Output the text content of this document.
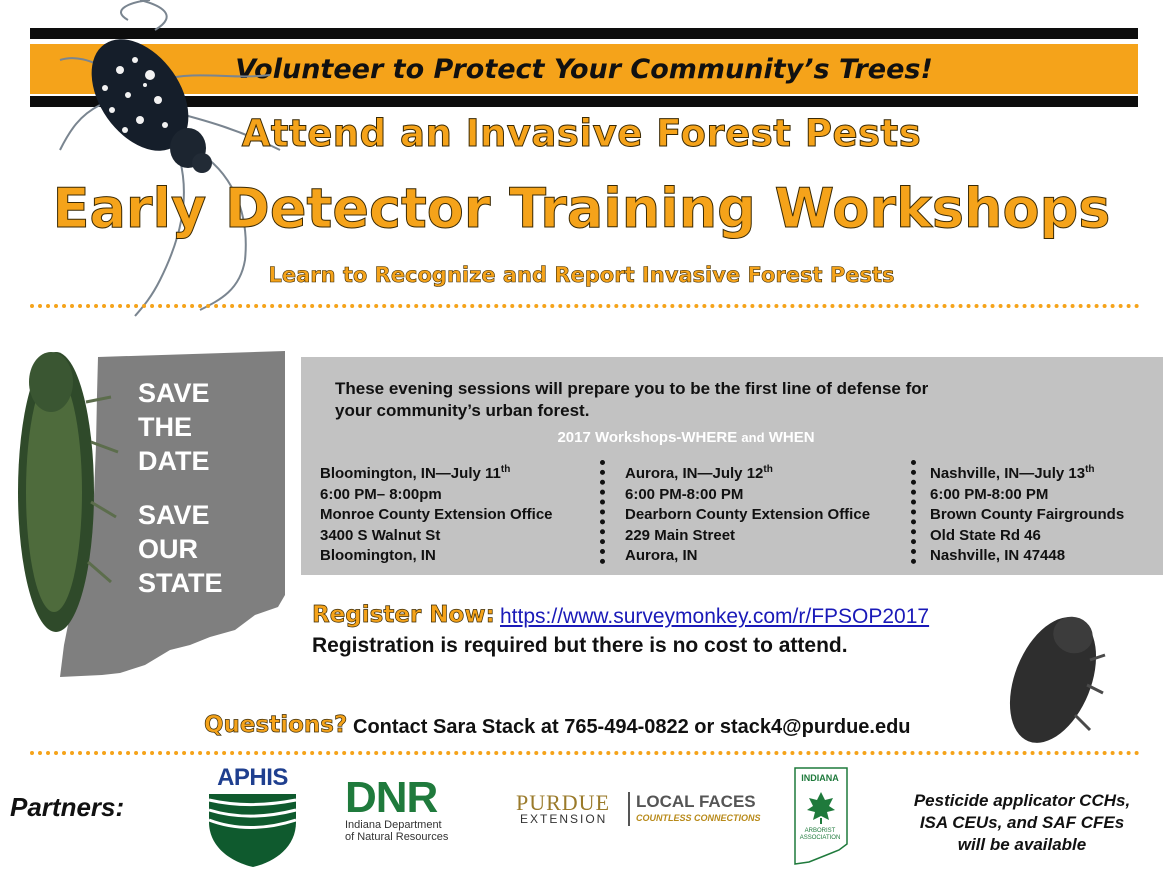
Volunteer to Protect Your Community’s Trees!
Attend an Invasive Forest Pests
Early Detector Training Workshops
Learn to Recognize and Report Invasive Forest Pests
SAVE
THE
DATE
SAVE
OUR
STATE
These evening sessions will prepare you to be the first line of defense for
your community’s urban forest.
2017 Workshops-WHERE and WHEN
Bloomington, IN—July 11th
6:00 PM– 8:00pm
Monroe County Extension Office
3400 S Walnut St
Bloomington, IN
Aurora, IN—July 12th
6:00 PM-8:00 PM
Dearborn County Extension Office
229 Main Street
Aurora, IN
Nashville, IN—July 13th
6:00 PM-8:00 PM
Brown County Fairgrounds
Old State Rd 46
Nashville, IN 47448
Register Now: https://www.surveymonkey.com/r/FPSOP2017
Registration is required but there is no cost to attend.
Questions? Contact Sara Stack at 765-494-0822 or stack4@purdue.edu
Partners:
APHIS DNR
Indiana Department
of Natural Resources
PURDUE
EXTENSION
LOCAL FACES
COUNTLESS CONNECTIONS
INDIANA
ARBORIST
ASSOCIATION
Pesticide applicator CCHs,
ISA CEUs, and SAF CFEs
will be available
